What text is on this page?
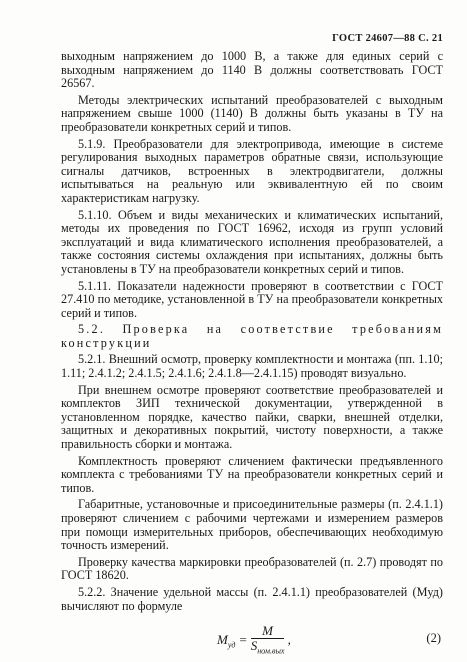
ГОСТ 24607—88 С. 21

выходным напряжением до 1000 В, а также для единых серий с выходным напряжением до 1140 В должны соответствовать ГОСТ 26567.

Методы электрических испытаний преобразователей с выходным напряжением свыше 1000 (1140) В должны быть указаны в ТУ на преобразователи конкретных серий и типов.

5.1.9. Преобразователи для электропривода, имеющие в системе регулирования выходных параметров обратные связи, использующие сигналы датчиков, встроенных в электродвигатели, должны испытываться на реальную или эквивалентную ей по своим характеристикам нагрузку.

5.1.10. Объем и виды механических и климатических испытаний, методы их проведения по ГОСТ 16962, исходя из групп условий эксплуатаций и вида климатического исполнения преобразователей, а также состояния системы охлаждения при испытаниях, должны быть установлены в ТУ на преобразователи конкретных серий и типов.

5.1.11. Показатели надежности проверяют в соответствии с ГОСТ 27.410 по методике, установленной в ТУ на преобразователи конкретных серий и типов.

5.2. Проверка на соответствие требованиям конструкции

5.2.1. Внешний осмотр, проверку комплектности и монтажа (пп. 1.10; 1.11; 2.4.1.2; 2.4.1.5; 2.4.1.6; 2.4.1.8—2.4.1.15) проводят визуально.

При внешнем осмотре проверяют соответствие преобразователей и комплектов ЗИП технической документации, утвержденной в установленном порядке, качество пайки, сварки, внешней отделки, защитных и декоративных покрытий, чистоту поверхности, а также правильность сборки и монтажа.

Комплектность проверяют сличением фактически предъявленного комплекта с требованиями ТУ на преобразователи конкретных серий и типов.

Габаритные, установочные и присоединительные размеры (п. 2.4.1.1) проверяют сличением с рабочими чертежами и измерением размеров при помощи измерительных приборов, обеспечивающих необходимую точность измерений.

Проверку качества маркировки преобразователей (п. 2.7) проводят по ГОСТ 18620.

5.2.2. Значение удельной массы (п. 2.4.1.1) преобразователей (Mуд) вычисляют по формуле

$M_{уд} = \frac{M}{S_{ном.вых}}$ ,	(2)
